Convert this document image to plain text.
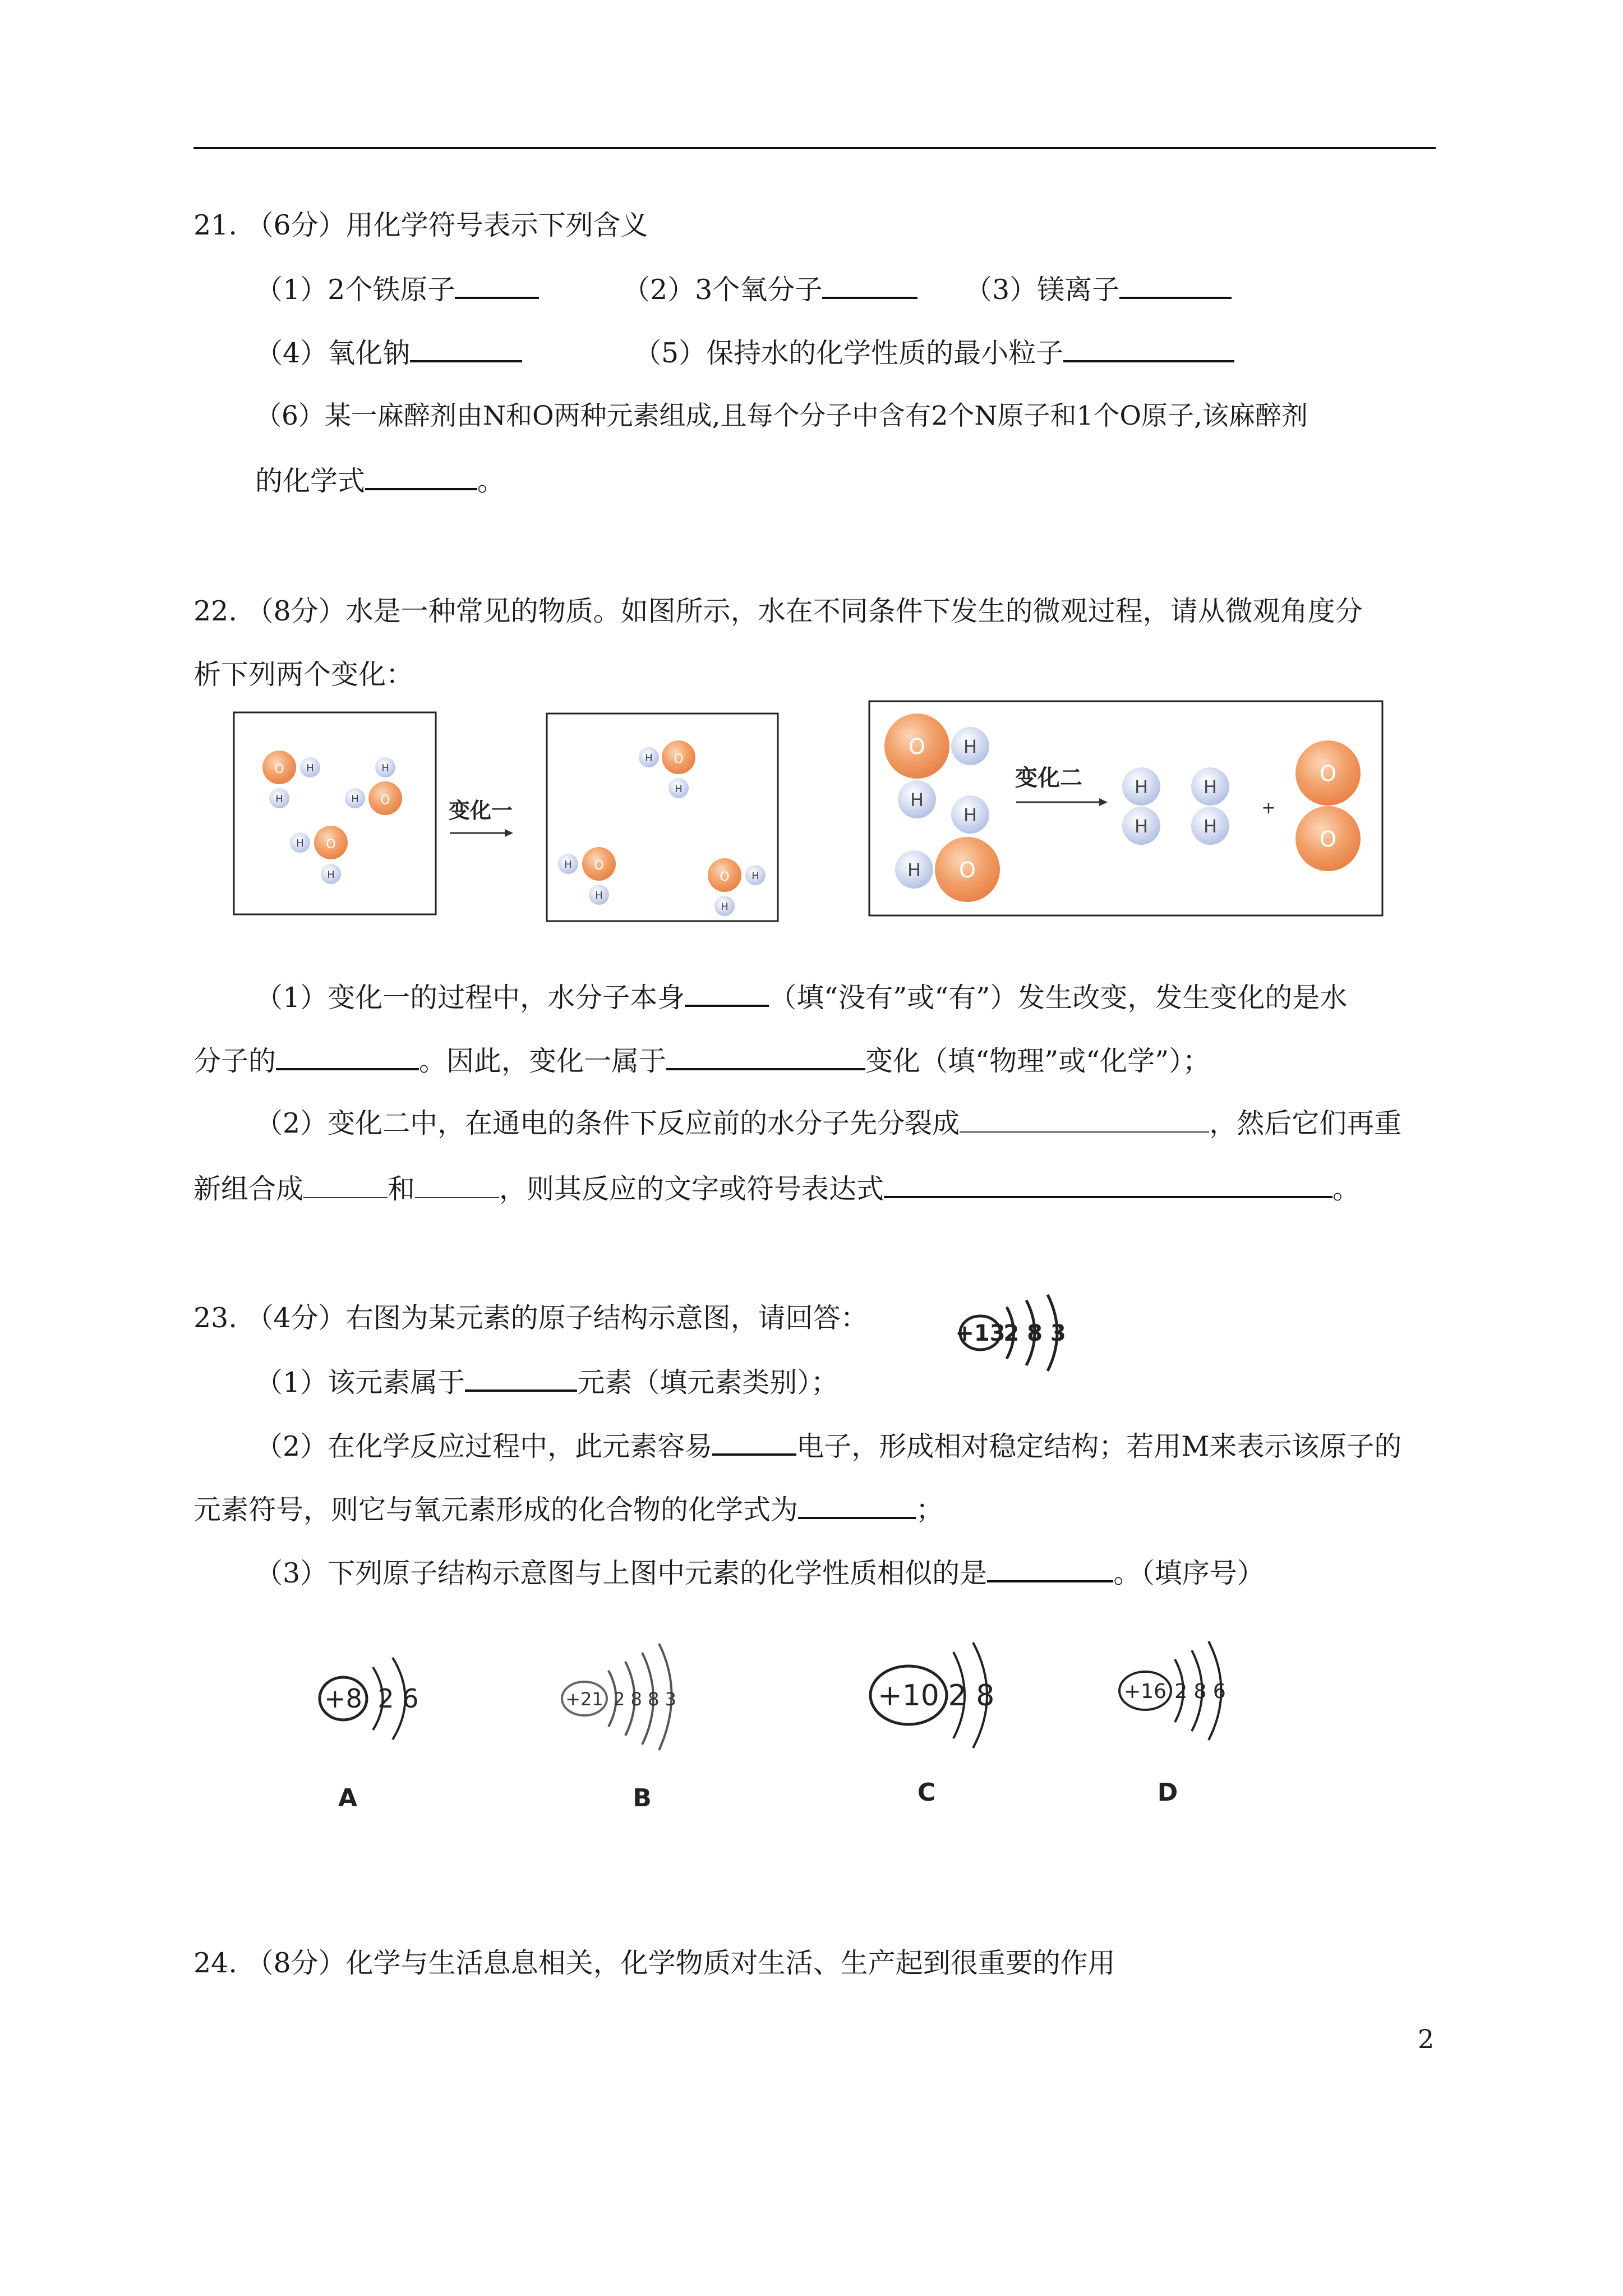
21. （6分）用化学符号表示下列含义
（1）2个铁原子	（2）3个氧分子	（3）镁离子
（4）氧化钠	（5）保持水的化学性质的最小粒子
（6）某一麻醉剂由N和O两种元素组成,且每个分子中含有2个N原子和1个O原子,该麻醉剂
的化学式	。
22. （8分）水是一种常见的物质。如图所示，水在不同条件下发生的微观过程，请从微观角度分
析下列两个变化：
O H
H	O
H
H
O
H
H
变化一
O
H
H
O
H
H
O H
H
O H
H
O
H
H
变化二	H
H
H
H
+
O
O
（1）变化一的过程中，水分子本身	（填“没有”或“有”）发生改变，发生变化的是水
分子的	。因此，变化一属于	变化（填“物理”或“化学”）；
（2）变化二中，在通电的条件下反应前的水分子先分裂成	，然后它们再重
新组合成	和	，则其反应的文字或符号表达式	。
23. （4分）右图为某元素的原子结构示意图，请回答：	+13
2 8 3
（1）该元素属于	元素（填元素类别）；
（2）在化学反应过程中，此元素容易	电子，形成相对稳定结构；若用M来表示该原子的
元素符号，则它与氧元素形成的化合物的化学式为	；
（3）下列原子结构示意图与上图中元素的化学性质相似的是	。（填序号）
+8 2 6
A
+21 2 8 8 3
B
+10 2 8
C
+16 2 8 6
D
24. （8分）化学与生活息息相关，化学物质对生活、生产起到很重要的作用
2
